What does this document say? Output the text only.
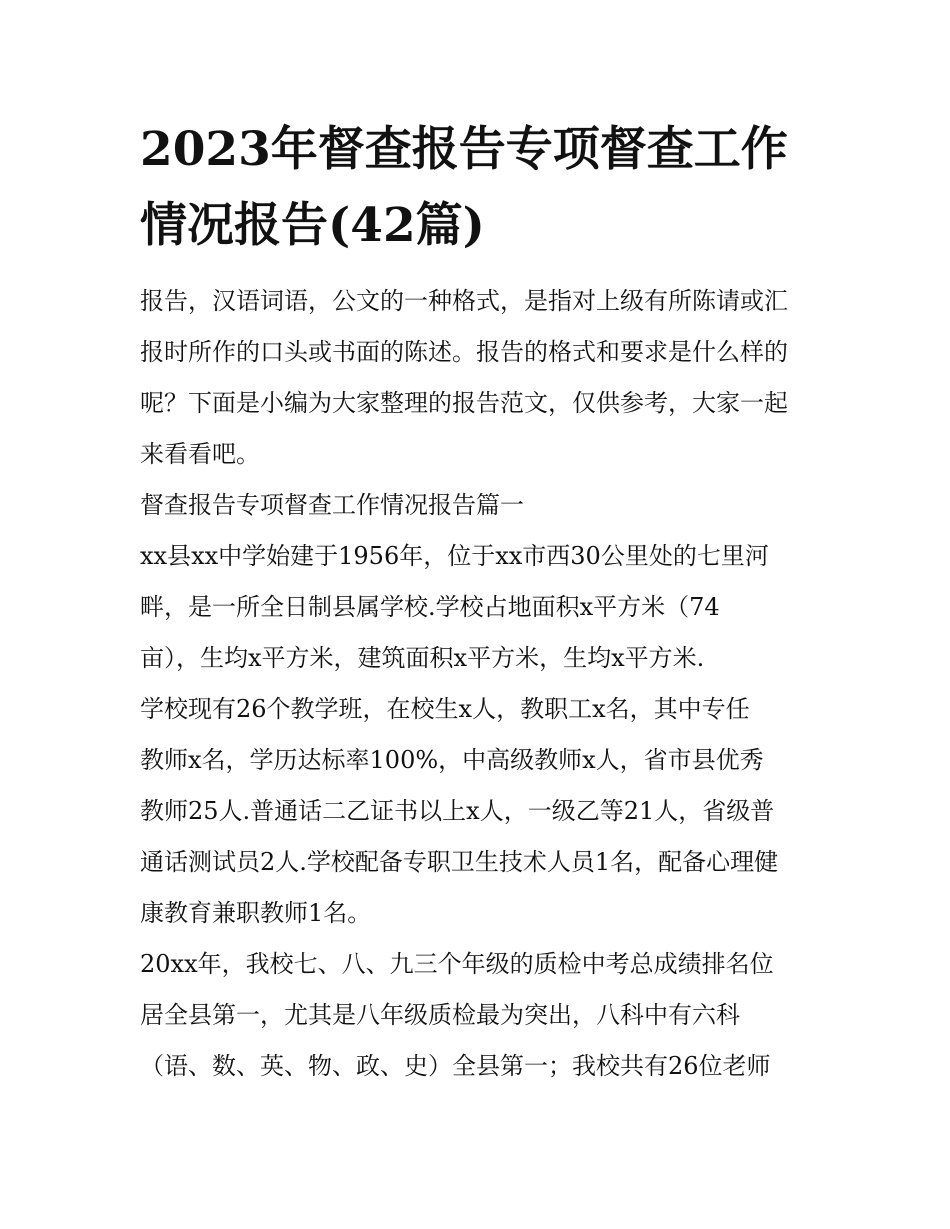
2023年督查报告专项督查工作
情况报告(42篇)
报告，汉语词语，公文的一种格式，是指对上级有所陈请或汇
报时所作的口头或书面的陈述。报告的格式和要求是什么样的
呢？下面是小编为大家整理的报告范文，仅供参考，大家一起
来看看吧。
督查报告专项督查工作情况报告篇一
xx县xx中学始建于1956年，位于xx市西30公里处的七里河
畔，是一所全日制县属学校.学校占地面积x平方米（74
亩），生均x平方米，建筑面积x平方米，生均x平方米.
学校现有26个教学班，在校生x人，教职工x名，其中专任
教师x名，学历达标率100%，中高级教师x人，省市县优秀
教师25人.普通话二乙证书以上x人，一级乙等21人，省级普
通话测试员2人.学校配备专职卫生技术人员1名，配备心理健
康教育兼职教师1名。
20xx年，我校七、八、九三个年级的质检中考总成绩排名位
居全县第一，尤其是八年级质检最为突出，八科中有六科
（语、数、英、物、政、史）全县第一；我校共有26位老师
